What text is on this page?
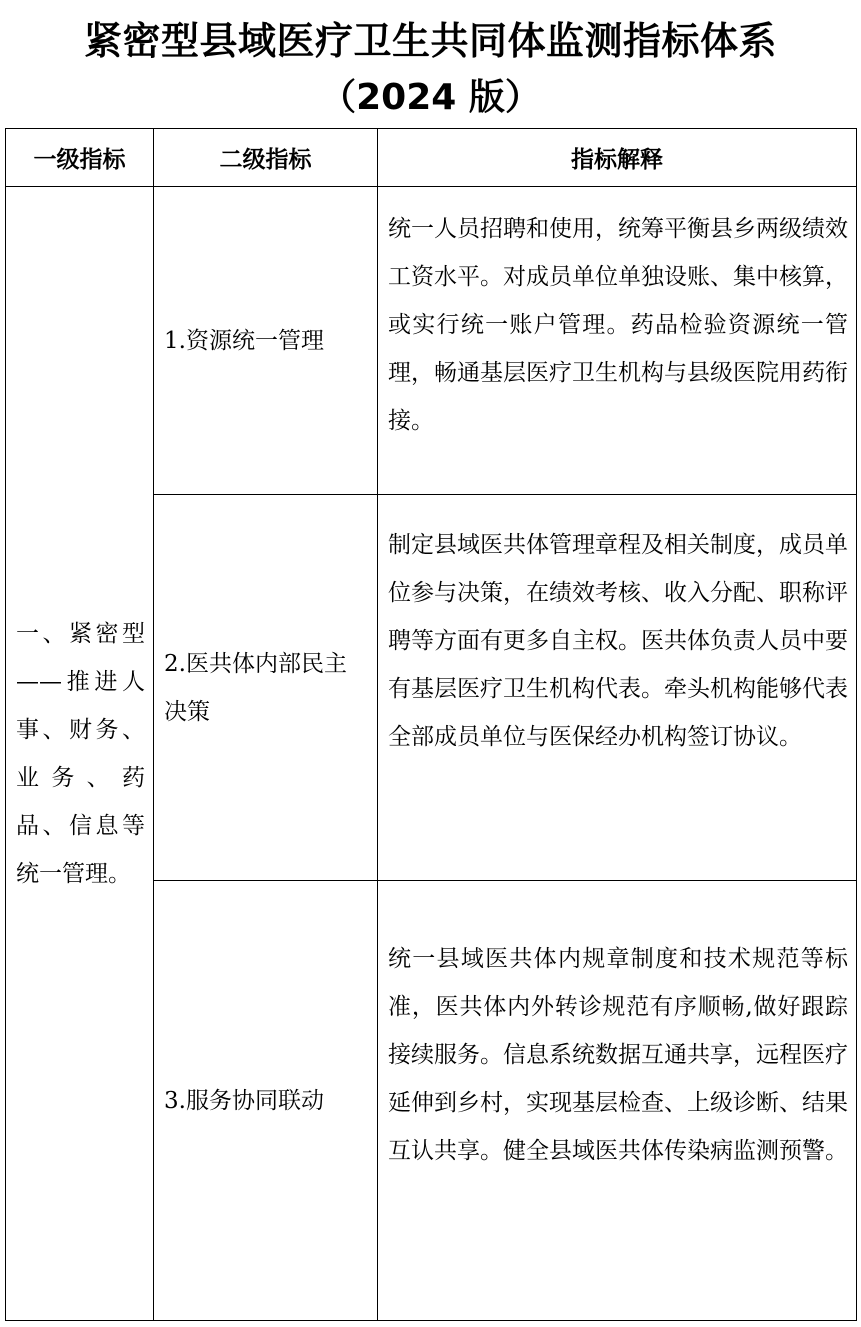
紧密型县域医疗卫生共同体监测指标体系
（2024 版）
一级指标	二级指标	指标解释
一、紧密型——推进人事、财务、业务、药品、信息等统一管理。	1.资源统一管理	统一人员招聘和使用，统筹平衡县乡两级绩效工资水平。对成员单位单独设账、集中核算，或实行统一账户管理。药品检验资源统一管理，畅通基层医疗卫生机构与县级医院用药衔接。
	2.医共体内部民主决策	制定县域医共体管理章程及相关制度，成员单位参与决策，在绩效考核、收入分配、职称评聘等方面有更多自主权。医共体负责人员中要有基层医疗卫生机构代表。牵头机构能够代表全部成员单位与医保经办机构签订协议。
	3.服务协同联动	统一县域医共体内规章制度和技术规范等标准，医共体内外转诊规范有序顺畅,做好跟踪接续服务。信息系统数据互通共享，远程医疗延伸到乡村，实现基层检查、上级诊断、结果互认共享。健全县域医共体传染病监测预警。
